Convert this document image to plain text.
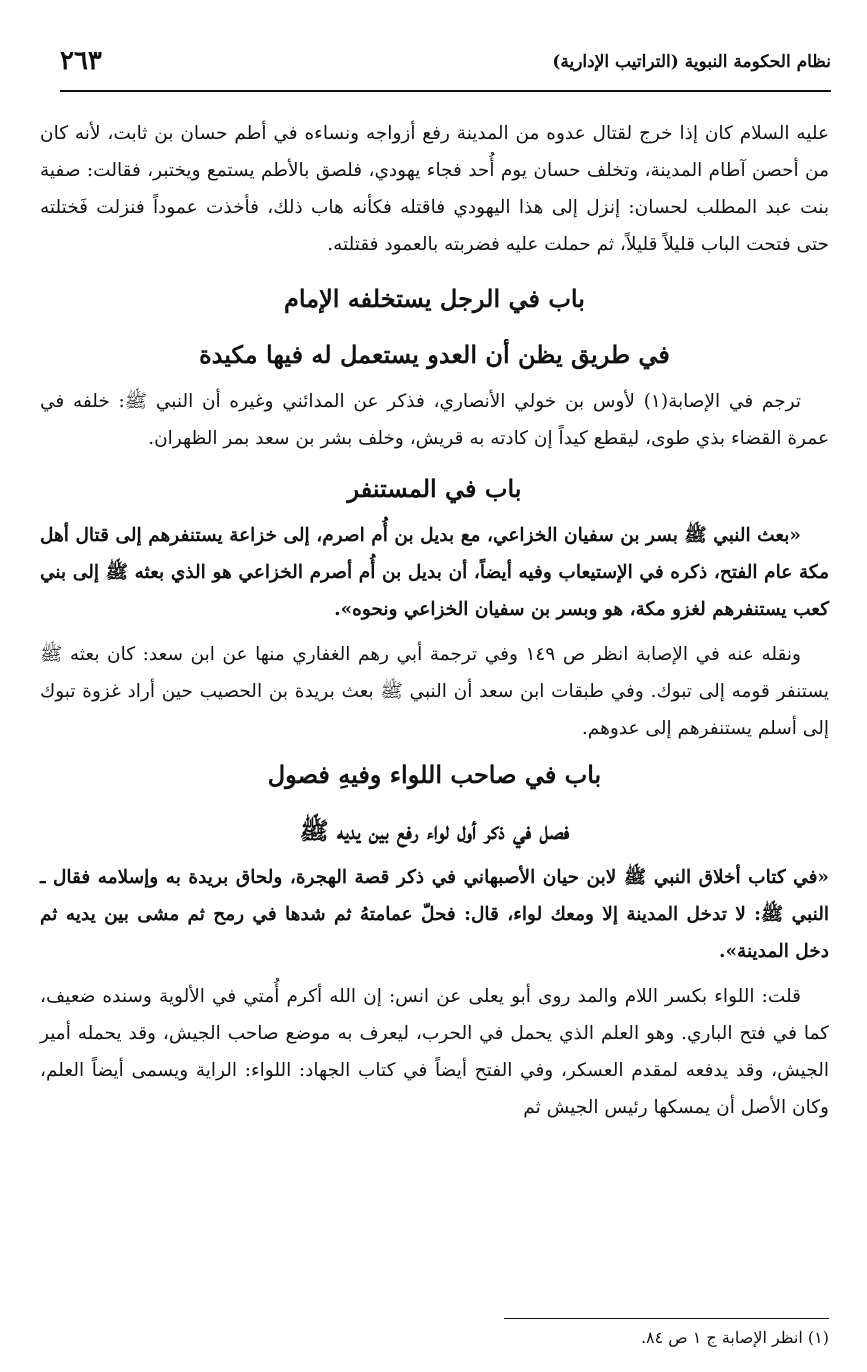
نظام الحكومة النبوية (التراتيب الإدارية)
٢٦٣

عليه السلام كان إذا خرج لقتال عدوه من المدينة رفع أزواجه ونساءه في أطم حسان بن ثابت، لأنه كان من أحصن آطام المدينة، وتخلف حسان يوم أُحد فجاء يهودي، فلصق بالأطم يستمع ويختبر، فقالت: صفية بنت عبد المطلب لحسان: إنزل إلى هذا اليهودي فاقتله فكأنه هاب ذلك، فأخذت عموداً فنزلت فَختلته حتى فتحت الباب قليلاً قليلاً، ثم حملت عليه فضربته بالعمود فقتلته.

باب في الرجل يستخلفه الإمام
في طريق يظن أن العدو يستعمل له فيها مكيدة

ترجم في الإصابة(١) لأوس بن خولي الأنصاري، فذكر عن المدائني وغيره أن النبي ﷺ: خلفه في عمرة القضاء بذي طوى، ليقطع كيداً إن كادته به قريش، وخلف بشر بن سعد بمر الظهران.

باب في المستنفر

«بعث النبي ﷺ بسر بن سفيان الخزاعي، مع بديل بن أُم اصرم، إلى خزاعة يستنفرهم إلى قتال أهل مكة عام الفتح، ذكره في الإستيعاب وفيه أيضاً، أن بديل بن أُم أصرم الخزاعي هو الذي بعثه ﷺ إلى بني كعب يستنفرهم لغزو مكة، هو وبسر بن سفيان الخزاعي ونحوه».

ونقله عنه في الإصابة انظر ص ١٤٩ وفي ترجمة أبي رهم الغفاري منها عن ابن سعد: كان بعثه ﷺ يستنفر قومه إلى تبوك. وفي طبقات ابن سعد أن النبي ﷺ بعث بريدة بن الحصيب حين أراد غزوة تبوك إلى أسلم يستنفرهم إلى عدوهم.

باب في صاحب اللواء وفيهِ فصول
فصل في ذكر أول لواء رفع بين يديه ﷺ

«في كتاب أخلاق النبي ﷺ لابن حيان الأصبهاني في ذكر قصة الهجرة، ولحاق بريدة به وإسلامه فقال ـ النبي ﷺ: لا تدخل المدينة إلا ومعك لواء، قال: فحلّ عمامتهُ ثم شدها في رمح ثم مشى بين يديه ثم دخل المدينة».

قلت: اللواء بكسر اللام والمد روى أبو يعلى عن انس: إن الله أكرم أُمتي في الألوية وسنده ضعيف، كما في فتح الباري. وهو العلم الذي يحمل في الحرب، ليعرف به موضع صاحب الجيش، وقد يحمله أمير الجيش، وقد يدفعه لمقدم العسكر، وفي الفتح أيضاً في كتاب الجهاد: اللواء: الراية ويسمى أيضاً العلم، وكان الأصل أن يمسكها رئيس الجيش ثم

(١) انظر الإصابة ج ١ ص ٨٤.
